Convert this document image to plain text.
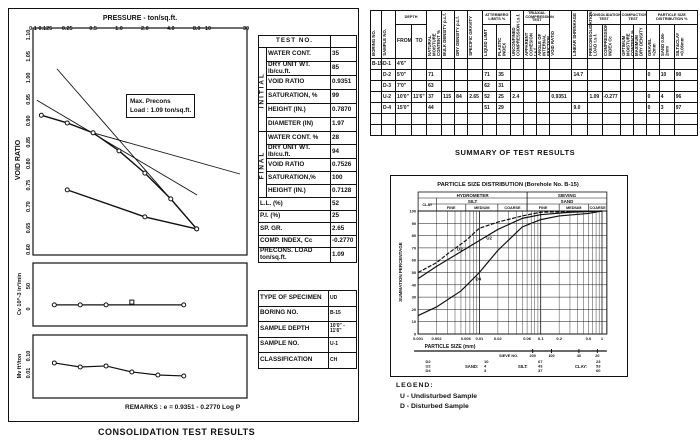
PRESSURE - ton/sq.ft.
0.1 0.125 0.25	0.5	1.0	2.0	4.0	8.0 10	30
0.60
0.65
0.70
0.75
0.80
0.85
0.90
0.95
1.00
1.05
1.10
VOID RATIO
0
50
Cv 10^-3 in²/min
0.01
0.10
Mv ft²/ton
PARTICLE SIZE DISTRIBUTION (Borehole No. B-15)
HYDROMETER	SIEVING
SILT	SAND
CLAY
FINE	MEDIUM	COARSE	FINE	MEDIUM COARSE
0
10
20
30
40
50
60
70
80
90
100
0.001 0.002	0.006 0.01	0.02	0.06 0.1	0.2	0.6 1
PARTICLE SIZE (mm)
SUMMATION PERCENTAGE
SIEVE NO.	200	100	40	20
D2	10	67	23
U2	4	43	53
D4	3	37	60
SAND:	SILT:	CLAY:
D2
U2
D4
Max. Precons
Load : 1.09 ton/sq.ft.
REMARKS : e = 0.9351 - 0.2770 Log P
CONSOLIDATION TEST RESULTS
TEST NO.		
INITIAL	WATER CONT.	35
	DRY UNIT WT. lb/cu.ft.	85
	VOID RATIO	0.9351
	SATURATION, %	99
	HEIGHT (IN.)	0.7870
	DIAMETER (IN)	1.97
FINAL	WATER CONT. %	28
	DRY UNIT WT. lb/cu.ft.	94
	VOID RATIO	0.7526
	SATURATION,%	100
	HEIGHT (IN.)	0.7128
L.L. (%)		52
P.I. (%)		25
SP. GR.		2.65
COMP. INDEX, Cc		-0.2770
PRECONS. LOAD ton/sq.ft.		1.09
TYPE OF SPECIMEN	UD
BORING NO.	B-15
SAMPLE DEPTH	10'0" - 11'6"
SAMPLE NO.	U-1
CLASSIFICATION	CH
BORING NO.	SAMPLE NO.	DEPTH		NATURAL MOISTURE CONTENT %	BULK DENSITY p.c.f.	DRY DENSITY p.c.f.	SPECIFIC GRAVITY	ATTERBERG LIMITS %		UNCONFINED COMPRESSION t.s.f.	TRIAXIAL COMPRESSION TEST		VOID RATIO	LINEAR SHRINKAGE	CONSOLIDATION TEST		COMPACTION TEST		PARTICLE SIZE DISTRIBUTION %		
		FROM	TO					LIQUID LIMIT	PLASTIC INDEX		APPARENT COHESION t.s.f.	ANGLE OF INTERNAL FRICTION			PRECONSOLIDATION LOAD t.s.f.	COMPRESSION INDEX Cc	OPTIMUM MOISTURE CONTENT %	MAXIMUM DRY DENSITY	GRAVEL >2mm	SAND 0.06-2mm	SILT&CLAY <0.06mm
B-15	D-1	4'6"																			
	D-2	5'0"		71				71	35					14.7					0	10	90
	D-3	7'0"		63				62	31												
	U-2	10'0"	11'6"	37	115	84	2.65	52	25	2.4			0.9351		1.09	-0.277			0	4	96
	D-4	15'0"		44				51	29					9.0					0	3	97

SUMMARY OF TEST RESULTS
LEGEND:
U - Undisturbed Sample
D - Disturbed Sample
